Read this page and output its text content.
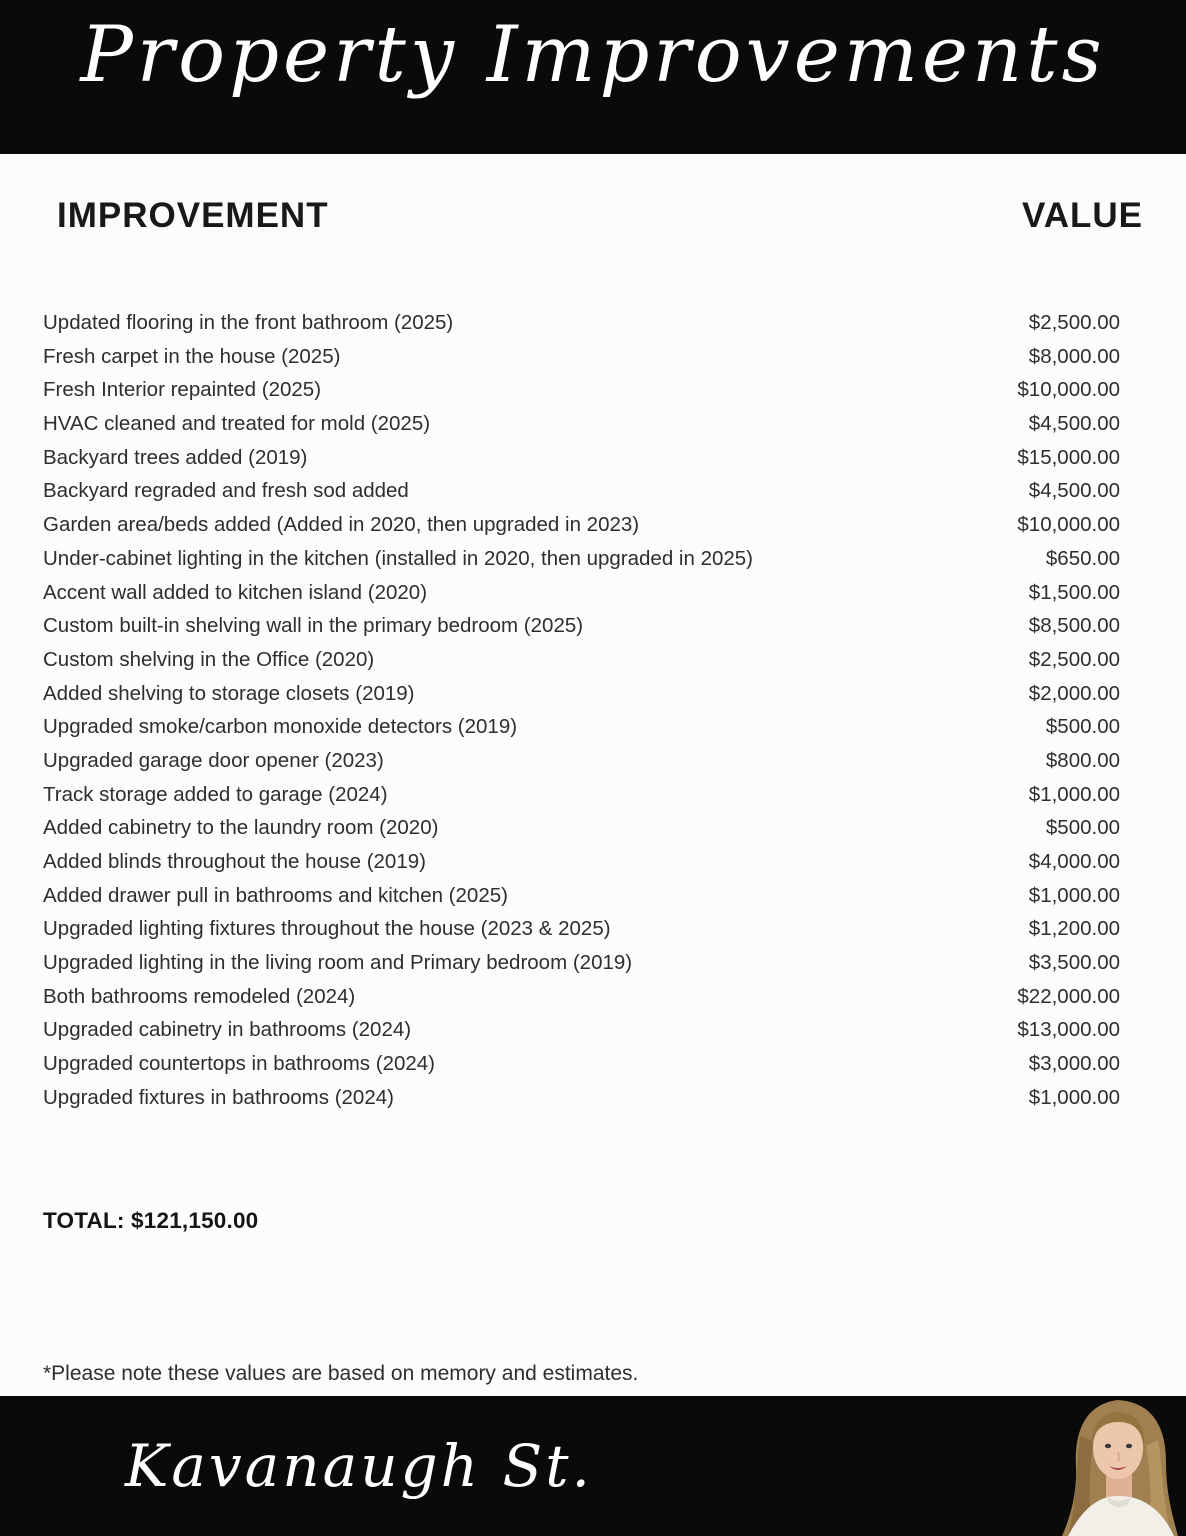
Property Improvements
IMPROVEMENT	VALUE
Updated flooring in the front bathroom (2025)	$2,500.00
Fresh carpet in the house (2025)	$8,000.00
Fresh Interior repainted (2025)	$10,000.00
HVAC cleaned and treated for mold (2025)	$4,500.00
Backyard trees added (2019)	$15,000.00
Backyard regraded and fresh sod added	$4,500.00
Garden area/beds added (Added in 2020, then upgraded in 2023)	$10,000.00
Under-cabinet lighting in the kitchen (installed in 2020, then upgraded in 2025)	$650.00
Accent wall added to kitchen island (2020)	$1,500.00
Custom built-in shelving wall in the primary bedroom (2025)	$8,500.00
Custom shelving in the Office (2020)	$2,500.00
Added shelving to storage closets (2019)	$2,000.00
Upgraded smoke/carbon monoxide detectors (2019)	$500.00
Upgraded garage door opener (2023)	$800.00
Track storage added to garage (2024)	$1,000.00
Added cabinetry to the laundry room (2020)	$500.00
Added blinds throughout the house (2019)	$4,000.00
Added drawer pull in bathrooms and kitchen (2025)	$1,000.00
Upgraded lighting fixtures throughout the house (2023 & 2025)	$1,200.00
Upgraded lighting in the living room and Primary bedroom (2019)	$3,500.00
Both bathrooms remodeled (2024)	$22,000.00
Upgraded cabinetry in bathrooms (2024)	$13,000.00
Upgraded countertops in bathrooms (2024)	$3,000.00
Upgraded fixtures in bathrooms (2024)	$1,000.00
TOTAL: $121,150.00
*Please note these values are based on memory and estimates.
Kavanaugh St.
